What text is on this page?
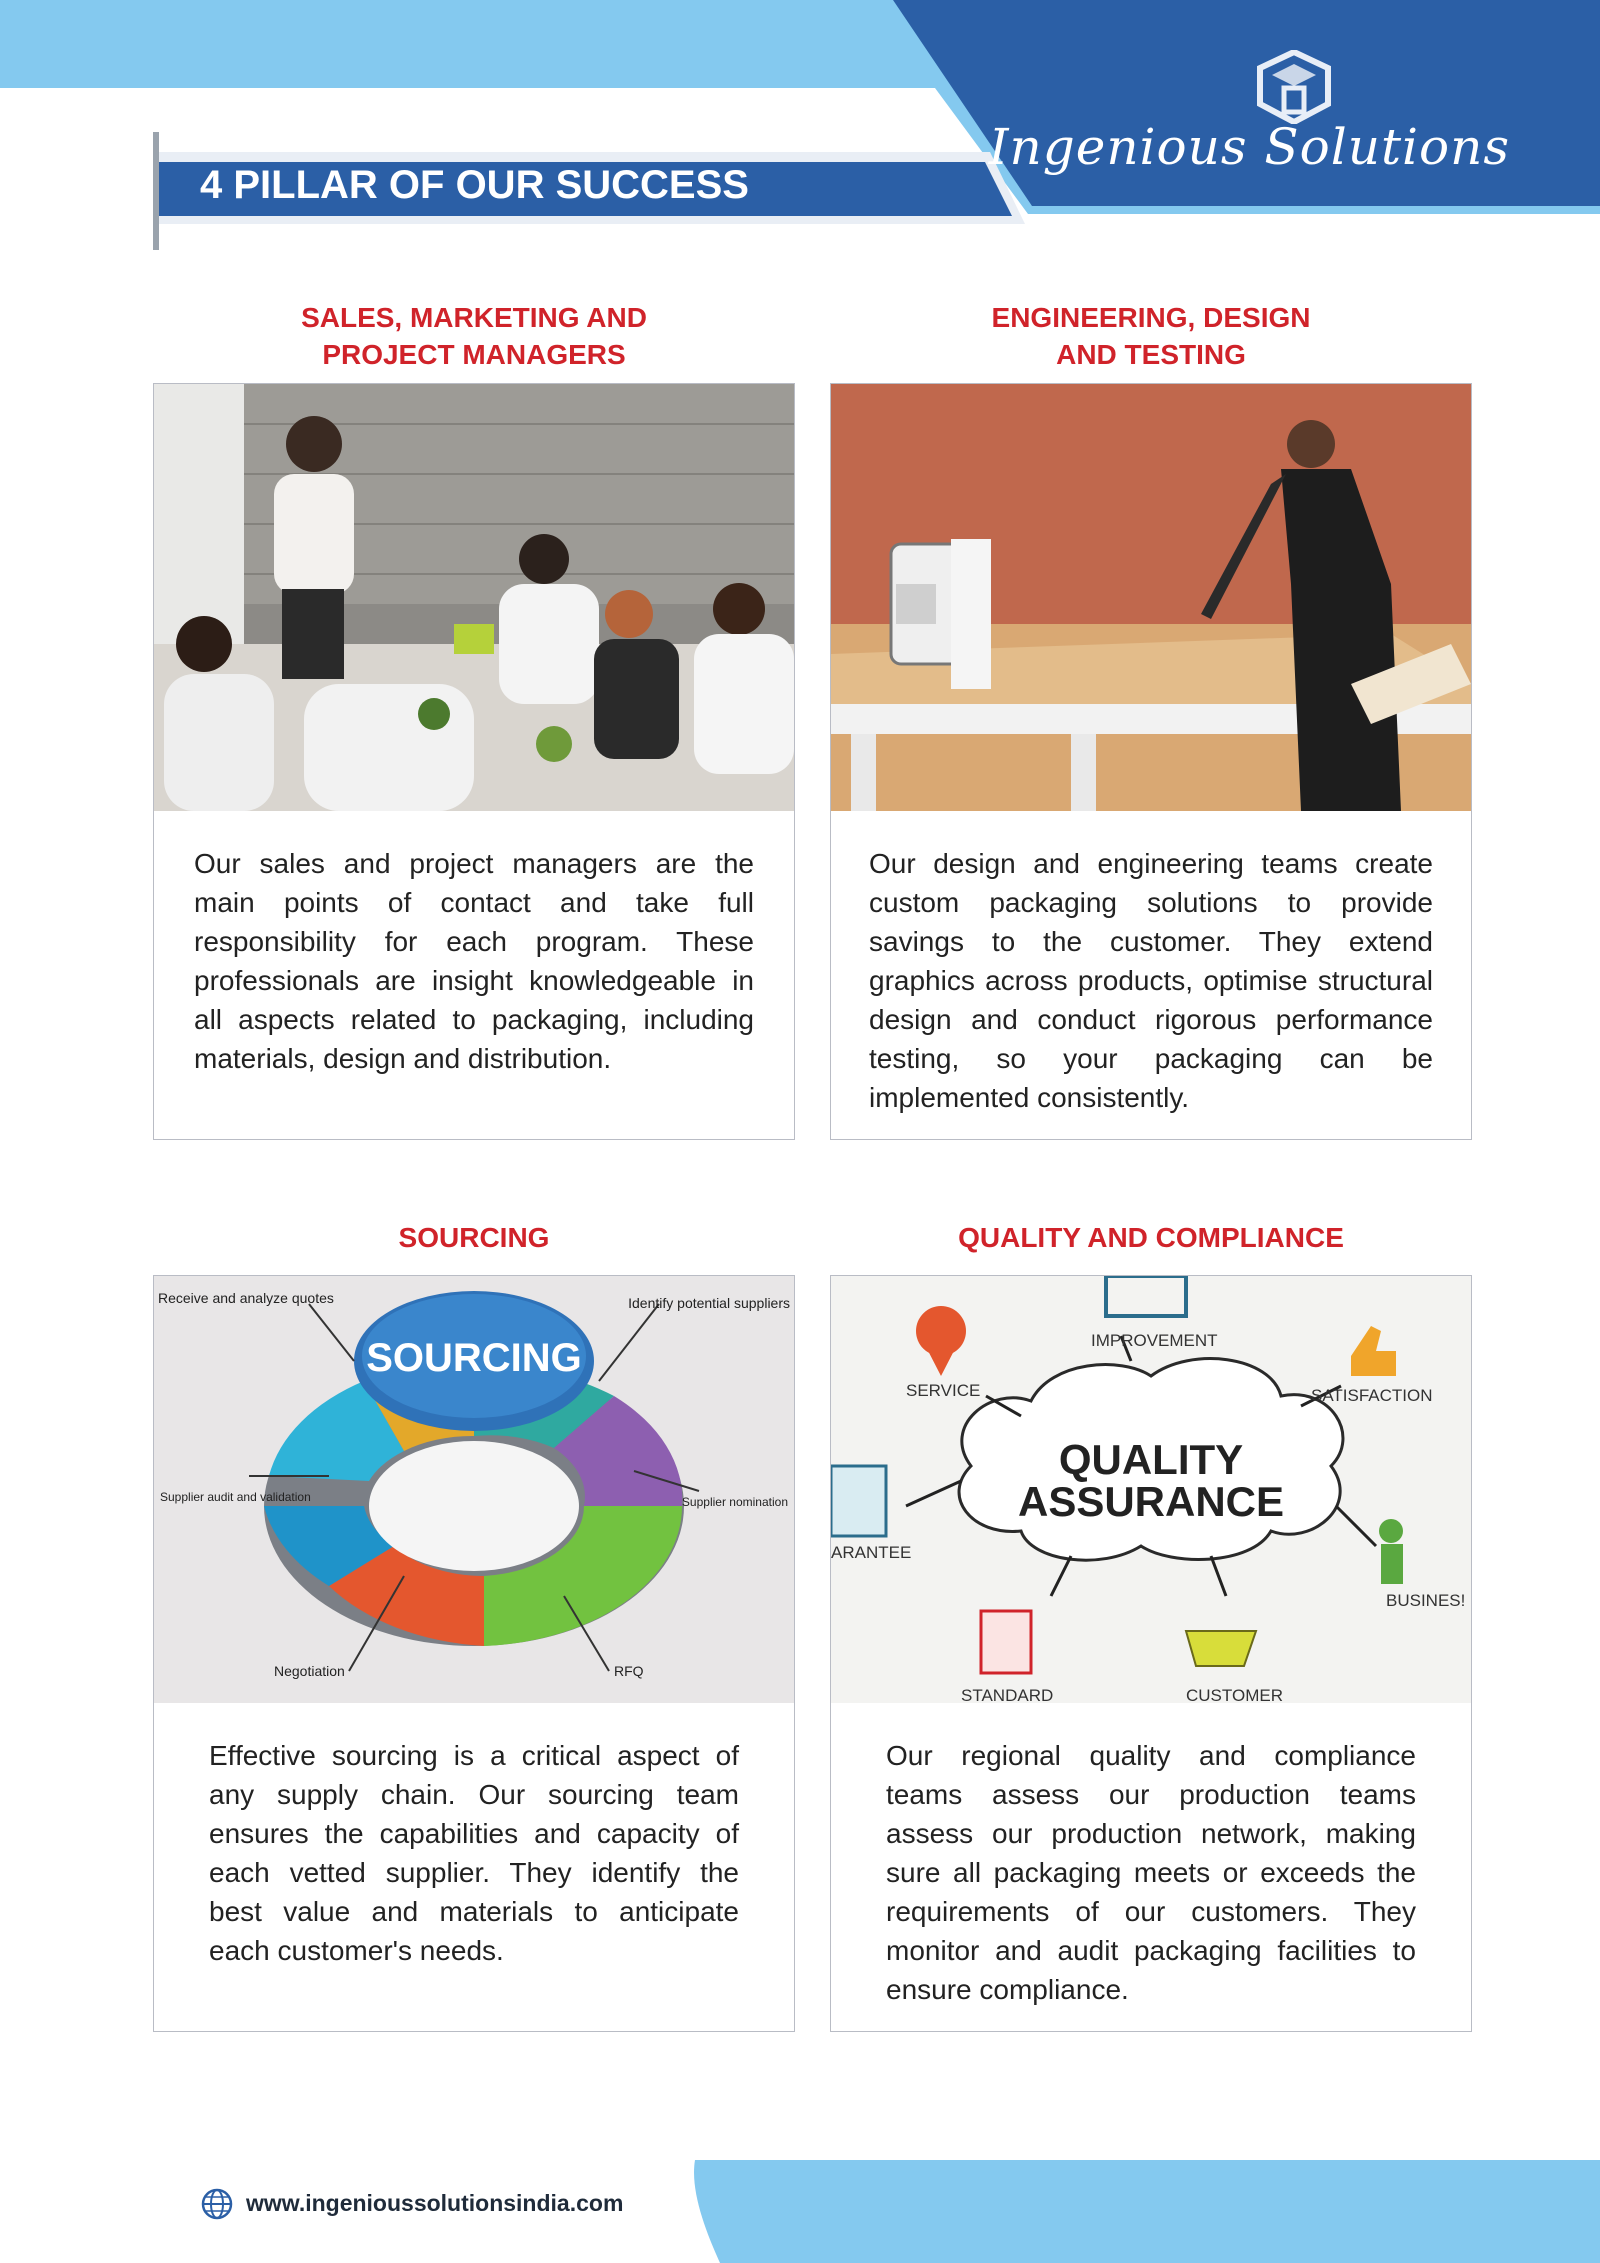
Ingenious Solutions
4 PILLAR OF OUR SUCCESS
SALES, MARKETING AND
PROJECT MANAGERS
Our sales and project managers are the main points of contact and take full responsibility for each program. These professionals are insight knowledgeable in all aspects related to packaging, including materials, design and distribution.
ENGINEERING, DESIGN
AND TESTING
Our design and engineering teams create custom packaging solutions to provide savings to the customer. They extend graphics across products, optimise structural design and conduct rigorous performance testing, so your packaging can be implemented consistently.
SOURCING
SOURCING
Receive and analyze quotes	Identify potential suppliers
Supplier audit and validation	Supplier nomination
Negotiation	RFQ
Effective sourcing is a critical aspect of any supply chain. Our sourcing team ensures the capabilities and capacity of each vetted supplier. They identify the best value and materials to anticipate each customer's needs.
QUALITY AND COMPLIANCE
QUALITY
ASSURANCE
IMPROVEMENT
SERVICE	SATISFACTION
ARANTEE
BUSINES!
STANDARD	CUSTOMER
Our regional quality and compliance teams assess our production teams assess our production network, making sure all packaging meets or exceeds the requirements of our customers. They monitor and audit packaging facilities to ensure compliance.
www.ingenioussolutionsindia.com
